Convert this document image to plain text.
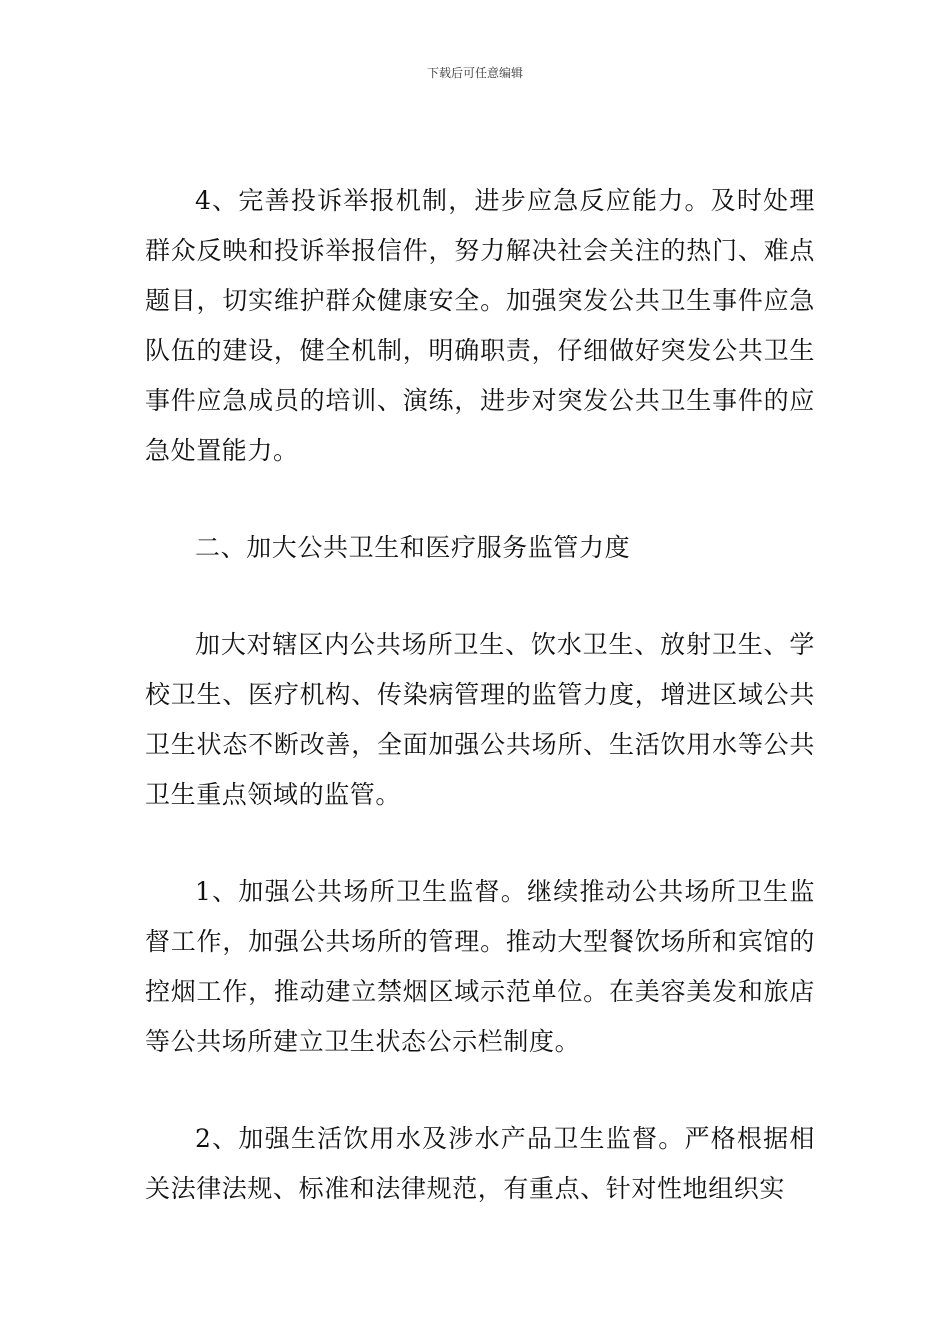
下载后可任意编辑

4、完善投诉举报机制，进步应急反应能力。及时处理群众反映和投诉举报信件，努力解决社会关注的热门、难点题目，切实维护群众健康安全。加强突发公共卫生事件应急队伍的建设，健全机制，明确职责，仔细做好突发公共卫生事件应急成员的培训、演练，进步对突发公共卫生事件的应急处置能力。

二、加大公共卫生和医疗服务监管力度

加大对辖区内公共场所卫生、饮水卫生、放射卫生、学校卫生、医疗机构、传染病管理的监管力度，增进区域公共卫生状态不断改善，全面加强公共场所、生活饮用水等公共卫生重点领域的监管。

1、加强公共场所卫生监督。继续推动公共场所卫生监督工作，加强公共场所的管理。推动大型餐饮场所和宾馆的控烟工作，推动建立禁烟区域示范单位。在美容美发和旅店等公共场所建立卫生状态公示栏制度。

2、加强生活饮用水及涉水产品卫生监督。严格根据相关法律法规、标准和法律规范，有重点、针对性地组织实
